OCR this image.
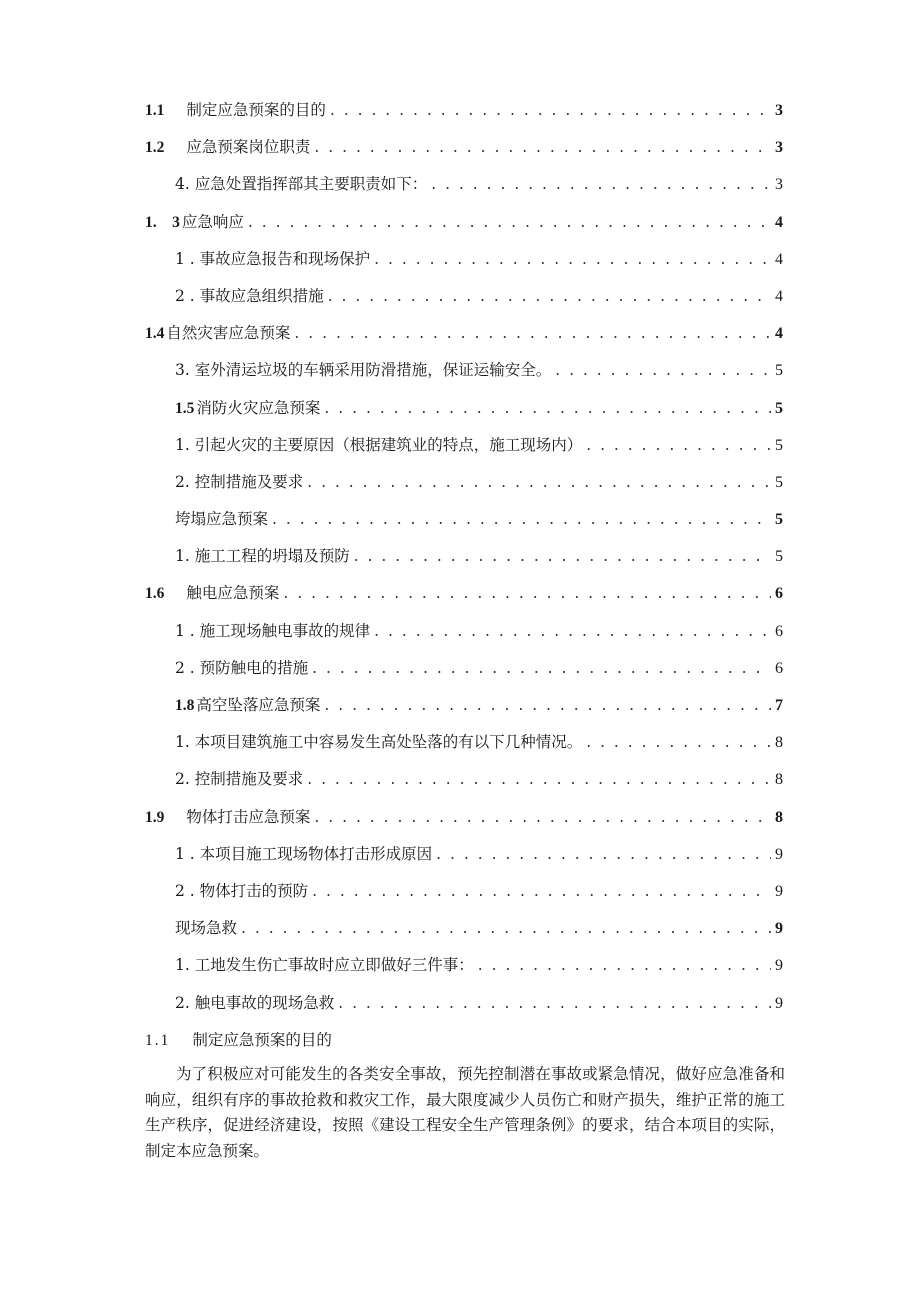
1.1 制定应急预案的目的 . . .	3
1.2 应急预案岗位职责 . . .	3
4. 应急处置指挥部其主要职责如下： . . .	3
1.　3 应急响应 . . .	4
1 . 事故应急报告和现场保护 . . .	4
2 . 事故应急组织措施 . . .	4
1.4 自然灾害应急预案 . . .	4
3. 室外清运垃圾的车辆采用防滑措施，保证运输安全。 . . .	5
1.5 消防火灾应急预案 . . .	5
1. 引起火灾的主要原因（根据建筑业的特点，施工现场内） . . .	5
2. 控制措施及要求 . . .	5
垮塌应急预案 . . .	5
1. 施工工程的坍塌及预防 . . .	5
1.6 触电应急预案 . . .	6
1 . 施工现场触电事故的规律 . . .	6
2 . 预防触电的措施 . . .	6
1.8 高空坠落应急预案 . . .	7
1. 本项目建筑施工中容易发生高处坠落的有以下几种情况。 . . .	8
2. 控制措施及要求 . . .	8
1.9 物体打击应急预案 . . .	8
1 . 本项目施工现场物体打击形成原因 . . .	9
2 . 物体打击的预防 . . .	9
现场急救 . . .	9
1. 工地发生伤亡事故时应立即做好三件事： . . .	9
2. 触电事故的现场急救 . . .	9
1.1 制定应急预案的目的
为了积极应对可能发生的各类安全事故，预先控制潜在事故或紧急情况，做好应急准备和响应，组织有序的事故抢救和救灾工作，最大限度减少人员伤亡和财产损失，维护正常的施工生产秩序，促进经济建设，按照《建设工程安全生产管理条例》的要求，结合本项目的实际，制定本应急预案。
